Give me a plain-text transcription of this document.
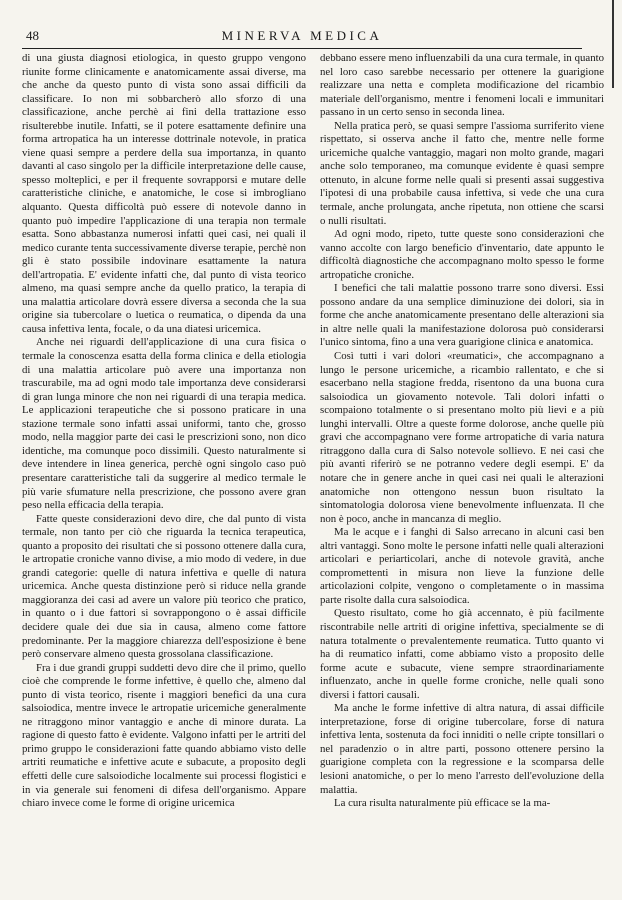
48	MINERVA MEDICA

di una giusta diagnosi etiologica, in questo gruppo vengono riunite forme clinicamente e anatomicamente assai diverse, ma che anche da questo punto di vista sono assai difficili da classificare. Io non mi sobbarcherò allo sforzo di una classificazione, anche perchè ai fini della trattazione esso risulterebbe inutile. Infatti, se il potere esattamente definire una forma artropatica ha un interesse dottrinale notevole, in pratica viene quasi sempre a perdere della sua importanza, in quanto davanti al caso singolo per la difficile interpretazione delle cause, spesso molteplici, e per il frequente sovrapporsi e mutare delle caratteristiche cliniche, e anatomiche, le cose si imbrogliano alquanto. Questa difficoltà può essere di notevole danno in quanto può impedire l'applicazione di una terapia non termale esatta. Sono abbastanza numerosi infatti quei casi, nei quali il medico curante tenta successivamente diverse terapie, perchè non gli è stato possibile indovinare esattamente la natura dell'artropatia. E' evidente infatti che, dal punto di vista teorico almeno, ma quasi sempre anche da quello pratico, la terapia di una malattia articolare dovrà essere diversa a seconda che la sua origine sia tubercolare o luetica o reumatica, o dipenda da una causa infettiva lenta, focale, o da una diatesi uricemica.

Anche nei riguardi dell'applicazione di una cura fisica o termale la conoscenza esatta della forma clinica e della etiologia di una malattia articolare può avere una importanza non trascurabile, ma ad ogni modo tale importanza deve considerarsi di gran lunga minore che non nei riguardi di una terapia medica. Le applicazioni terapeutiche che si possono praticare in una stazione termale sono infatti assai uniformi, tanto che, grosso modo, nella maggior parte dei casi le prescrizioni sono, non dico identiche, ma comunque poco dissimili. Questo naturalmente si deve intendere in linea generica, perchè ogni singolo caso può presentare caratteristiche tali da suggerire al medico termale le più varie sfumature nella prescrizione, che possono avere gran peso nella efficacia della terapia.

Fatte queste considerazioni devo dire, che dal punto di vista termale, non tanto per ciò che riguarda la tecnica terapeutica, quanto a proposito dei risultati che si possono ottenere dalla cura, le artropatie croniche vanno divise, a mio modo di vedere, in due grandi categorie: quelle di natura infettiva e quelle di natura uricemica. Anche questa distinzione però si riduce nella grande maggioranza dei casi ad avere un valore più teorico che pratico, in quanto o i due fattori si sovrappongono o è assai difficile decidere quale dei due sia in causa, almeno come fattore predominante. Per la maggiore chiarezza dell'esposizione è bene però conservare almeno questa grossolana classificazione.

Fra i due grandi gruppi suddetti devo dire che il primo, quello cioè che comprende le forme infettive, è quello che, almeno dal punto di vista teorico, risente i maggiori benefici da una cura salsoiodica, mentre invece le artropatie uricemiche generalmente ne ritraggono minor vantaggio e anche di minore durata. La ragione di questo fatto è evidente. Valgono infatti per le artriti del primo gruppo le considerazioni fatte quando abbiamo visto delle artriti reumatiche e infettive acute e subacute, a proposito degli effetti delle cure salsoiodiche localmente sui processi flogistici e in via generale sui fenomeni di difesa dell'organismo. Appare chiaro invece come le forme di origine uricemica

debbano essere meno influenzabili da una cura termale, in quanto nel loro caso sarebbe necessario per ottenere la guarigione realizzare una netta e completa modificazione del ricambio materiale dell'organismo, mentre i fenomeni locali e immunitari passano in un certo senso in seconda linea.

Nella pratica però, se quasi sempre l'assioma surriferito viene rispettato, si osserva anche il fatto che, mentre nelle forme uricemiche qualche vantaggio, magari non molto grande, magari anche solo temporaneo, ma comunque evidente è quasi sempre ottenuto, in alcune forme nelle quali si presenti assai suggestiva l'ipotesi di una probabile causa infettiva, si vede che una cura termale, anche prolungata, anche ripetuta, non ottiene che scarsi o nulli risultati.

Ad ogni modo, ripeto, tutte queste sono considerazioni che vanno accolte con largo beneficio d'inventario, date appunto le difficoltà diagnostiche che accompagnano molto spesso le forme artropatiche croniche.

I benefici che tali malattie possono trarre sono diversi. Essi possono andare da una semplice diminuzione dei dolori, sia in forme che anche anatomicamente presentano delle alterazioni sia in altre nelle quali la manifestazione dolorosa può considerarsi l'unico sintoma, fino a una vera guarigione clinica e anatomica.

Così tutti i vari dolori «reumatici», che accompagnano a lungo le persone uricemiche, a ricambio rallentato, e che si esacerbano nella stagione fredda, risentono da una buona cura salsoiodica un giovamento notevole. Tali dolori infatti o scompaiono totalmente o si presentano molto più lievi e a più lunghi intervalli. Oltre a queste forme dolorose, anche quelle più gravi che accompagnano vere forme artropatiche di varia natura ritraggono dalla cura di Salso notevole sollievo. E nei casi che più avanti riferirò se ne potranno vedere degli esempi. E' da notare che in genere anche in quei casi nei quali le alterazioni anatomiche non ottengono nessun buon risultato la sintomatologia dolorosa viene benevolmente influenzata. Il che non è poco, anche in mancanza di meglio.

Ma le acque e i fanghi di Salso arrecano in alcuni casi ben altri vantaggi. Sono molte le persone infatti nelle quali alterazioni articolari e periarticolari, anche di notevole gravità, anche compromettenti in misura non lieve la funzione delle articolazioni colpite, vengono o completamente o in massima parte risolte dalla cura salsoiodica.

Questo risultato, come ho già accennato, è più facilmente riscontrabile nelle artriti di origine infettiva, specialmente se di natura totalmente o prevalentemente reumatica. Tutto quanto vi ha di reumatico infatti, come abbiamo visto a proposito delle forme acute e subacute, viene sempre straordinariamente influenzato, anche in quelle forme croniche, nelle quali sono diversi i fattori causali.

Ma anche le forme infettive di altra natura, di assai difficile interpretazione, forse di origine tubercolare, forse di natura infettiva lenta, sostenuta da foci inniditi o nelle cripte tonsillari o nel paradenzio o in altre parti, possono ottenere persino la guarigione completa con la regressione e la scomparsa delle lesioni anatomiche, o per lo meno l'arresto dell'evoluzione della malattia.

La cura risulta naturalmente più efficace se la ma-
